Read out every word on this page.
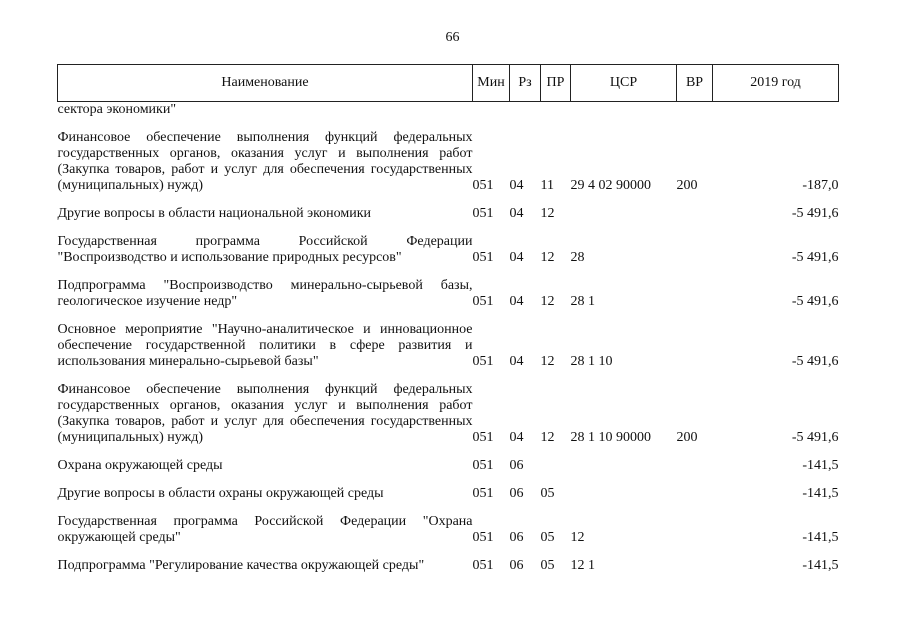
66
Наименование	Мин	Рз	ПР	ЦСР	ВР	2019 год
сектора экономики"						

Финансовое обеспечение выполнения функций федеральных государственных органов, оказания услуг и выполнения работ (Закупка товаров, работ и услуг для обеспечения государственных (муниципальных) нужд)	051	04	11	29 4 02 90000	200	-187,0

Другие вопросы в области национальной экономики	051	04	12			-5 491,6

Государственная программа Российской Федерации "Воспроизводство и использование природных ресурсов"	051	04	12	28		-5 491,6

Подпрограмма "Воспроизводство минерально-сырьевой базы, геологическое изучение недр"	051	04	12	28 1		-5 491,6

Основное мероприятие "Научно-аналитическое и инновационное обеспечение государственной политики в сфере развития и использования минерально-сырьевой базы"	051	04	12	28 1 10		-5 491,6

Финансовое обеспечение выполнения функций федеральных государственных органов, оказания услуг и выполнения работ (Закупка товаров, работ и услуг для обеспечения государственных (муниципальных) нужд)	051	04	12	28 1 10 90000	200	-5 491,6

Охрана окружающей среды	051	06				-141,5

Другие вопросы в области охраны окружающей среды	051	06	05			-141,5

Государственная программа Российской Федерации "Охрана окружающей среды"	051	06	05	12		-141,5

Подпрограмма "Регулирование качества окружающей среды"	051	06	05	12 1		-141,5
